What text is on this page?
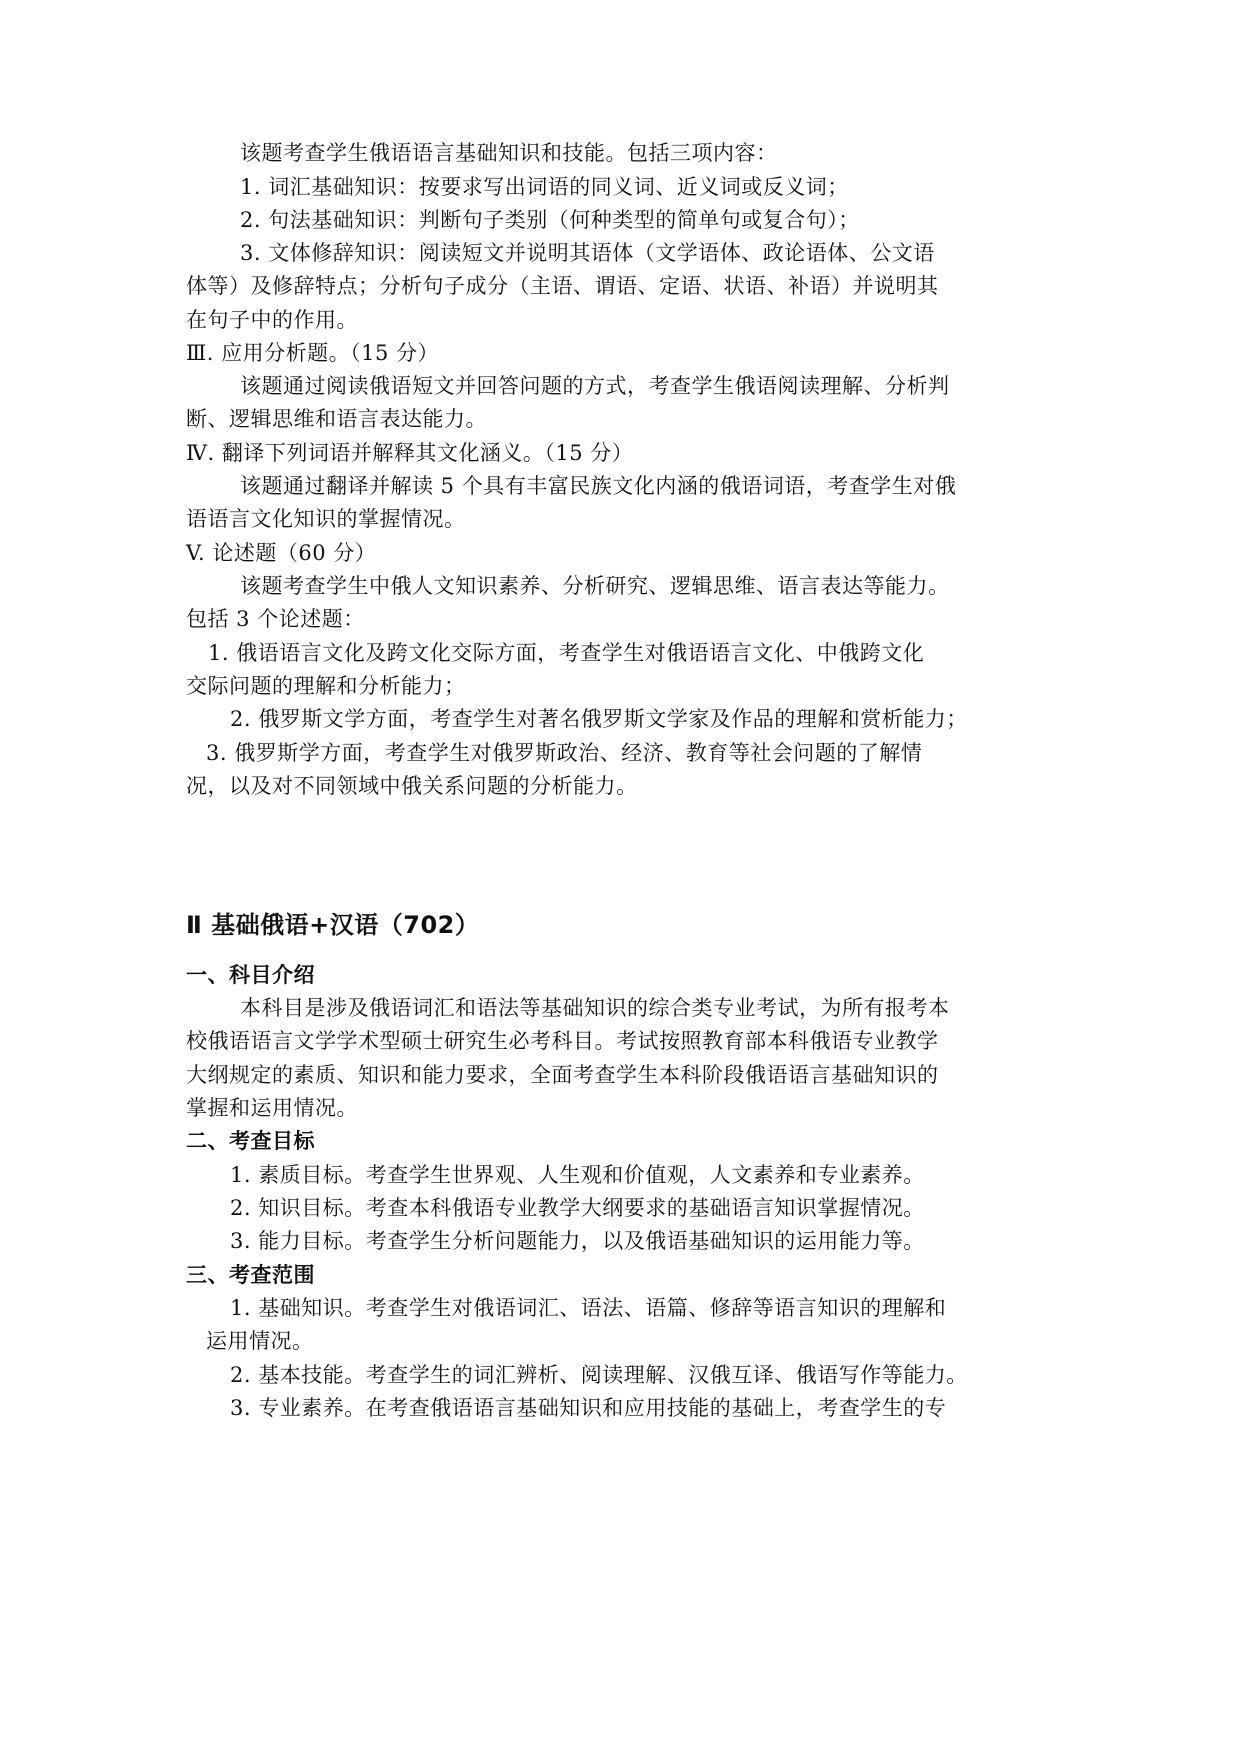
该题考查学生俄语语言基础知识和技能。包括三项内容：
1. 词汇基础知识：按要求写出词语的同义词、近义词或反义词；
2. 句法基础知识：判断句子类别（何种类型的简单句或复合句）；
3. 文体修辞知识：阅读短文并说明其语体（文学语体、政论语体、公文语
体等）及修辞特点；分析句子成分（主语、谓语、定语、状语、补语）并说明其
在句子中的作用。
Ⅲ. 应用分析题。（15 分）
该题通过阅读俄语短文并回答问题的方式，考查学生俄语阅读理解、分析判
断、逻辑思维和语言表达能力。
Ⅳ. 翻译下列词语并解释其文化涵义。（15 分）
该题通过翻译并解读 5 个具有丰富民族文化内涵的俄语词语，考查学生对俄
语语言文化知识的掌握情况。
V. 论述题（60 分）
该题考查学生中俄人文知识素养、分析研究、逻辑思维、语言表达等能力。
包括 3 个论述题：
1. 俄语语言文化及跨文化交际方面，考查学生对俄语语言文化、中俄跨文化
交际问题的理解和分析能力；
2. 俄罗斯文学方面，考查学生对著名俄罗斯文学家及作品的理解和赏析能力；
3. 俄罗斯学方面，考查学生对俄罗斯政治、经济、教育等社会问题的了解情
况，以及对不同领域中俄关系问题的分析能力。
Ⅱ 基础俄语+汉语（702）
一、科目介绍
本科目是涉及俄语词汇和语法等基础知识的综合类专业考试，为所有报考本
校俄语语言文学学术型硕士研究生必考科目。考试按照教育部本科俄语专业教学
大纲规定的素质、知识和能力要求，全面考查学生本科阶段俄语语言基础知识的
掌握和运用情况。
二、考查目标
1. 素质目标。考查学生世界观、人生观和价值观，人文素养和专业素养。
2. 知识目标。考查本科俄语专业教学大纲要求的基础语言知识掌握情况。
3. 能力目标。考查学生分析问题能力，以及俄语基础知识的运用能力等。
三、考查范围
1. 基础知识。考查学生对俄语词汇、语法、语篇、修辞等语言知识的理解和
运用情况。
2. 基本技能。考查学生的词汇辨析、阅读理解、汉俄互译、俄语写作等能力。
3. 专业素养。在考查俄语语言基础知识和应用技能的基础上，考查学生的专
